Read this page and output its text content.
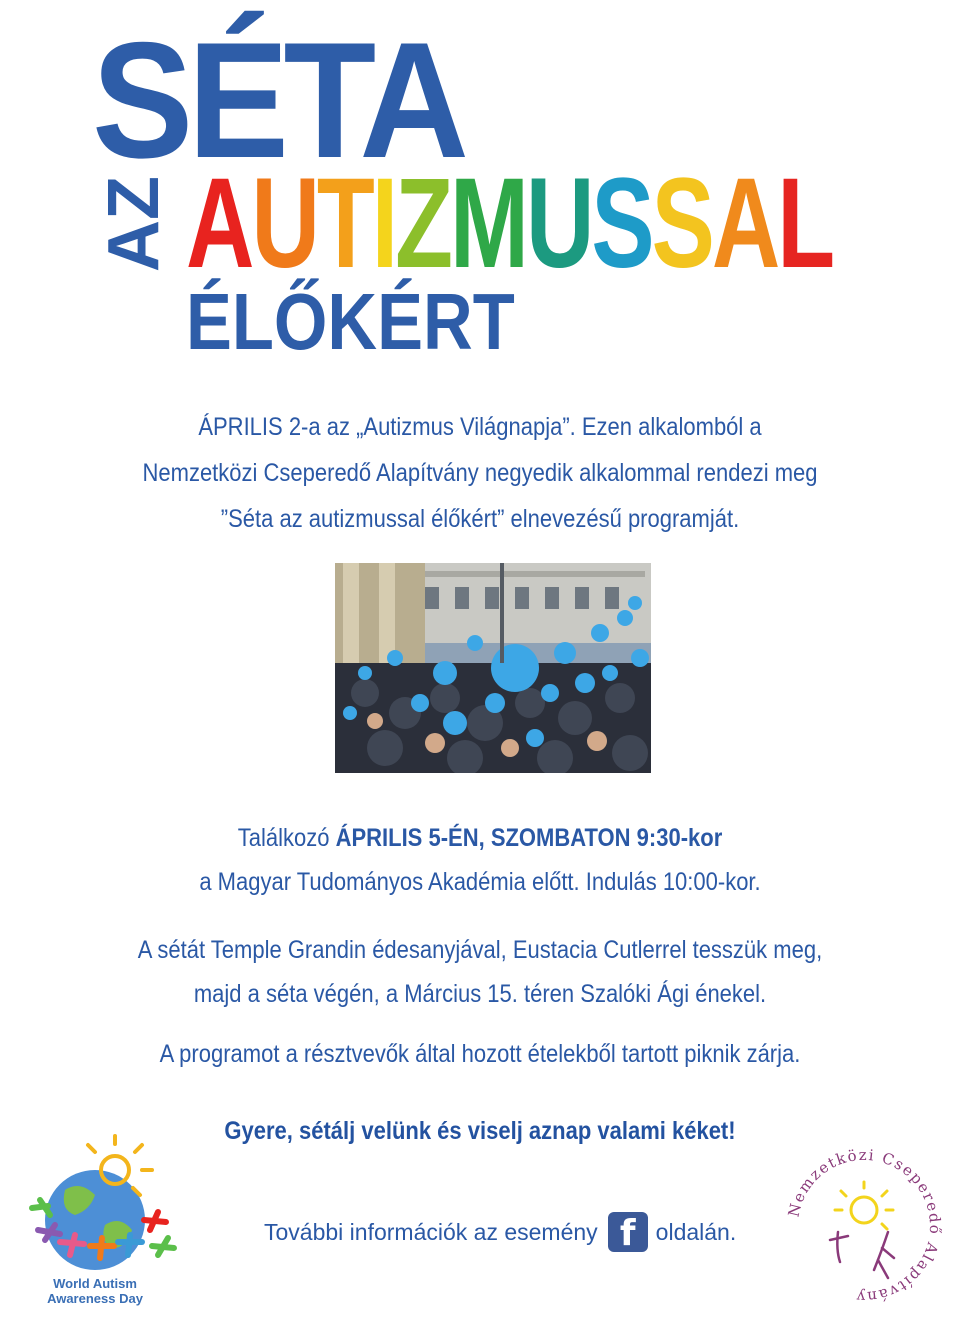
SÉTA
AZ AUTIZMUSSAL
ÉLŐKÉRT
ÁPRILIS 2-a az „Autizmus Világnapja”. Ezen alkalomból a
Nemzetközi Cseperedő Alapítvány negyedik alkalommal rendezi meg
”Séta az autizmussal élőkért” elnevezésű programját.
Találkozó ÁPRILIS 5-ÉN, SZOMBATON 9:30-kor
a Magyar Tudományos Akadémia előtt. Indulás 10:00-kor.
A sétát Temple Grandin édesanyjával, Eustacia Cutlerrel tesszük meg,
majd a séta végén, a Március 15. téren Szalóki Ági énekel.
A programot a résztvevők által hozott ételekből tartott piknik zárja.
Gyere, sétálj velünk és viselj aznap valami kéket!
További információk az esemény f oldalán.
World Autism
Awareness Day
Nemzetközi Cseperedő Alapítvány
